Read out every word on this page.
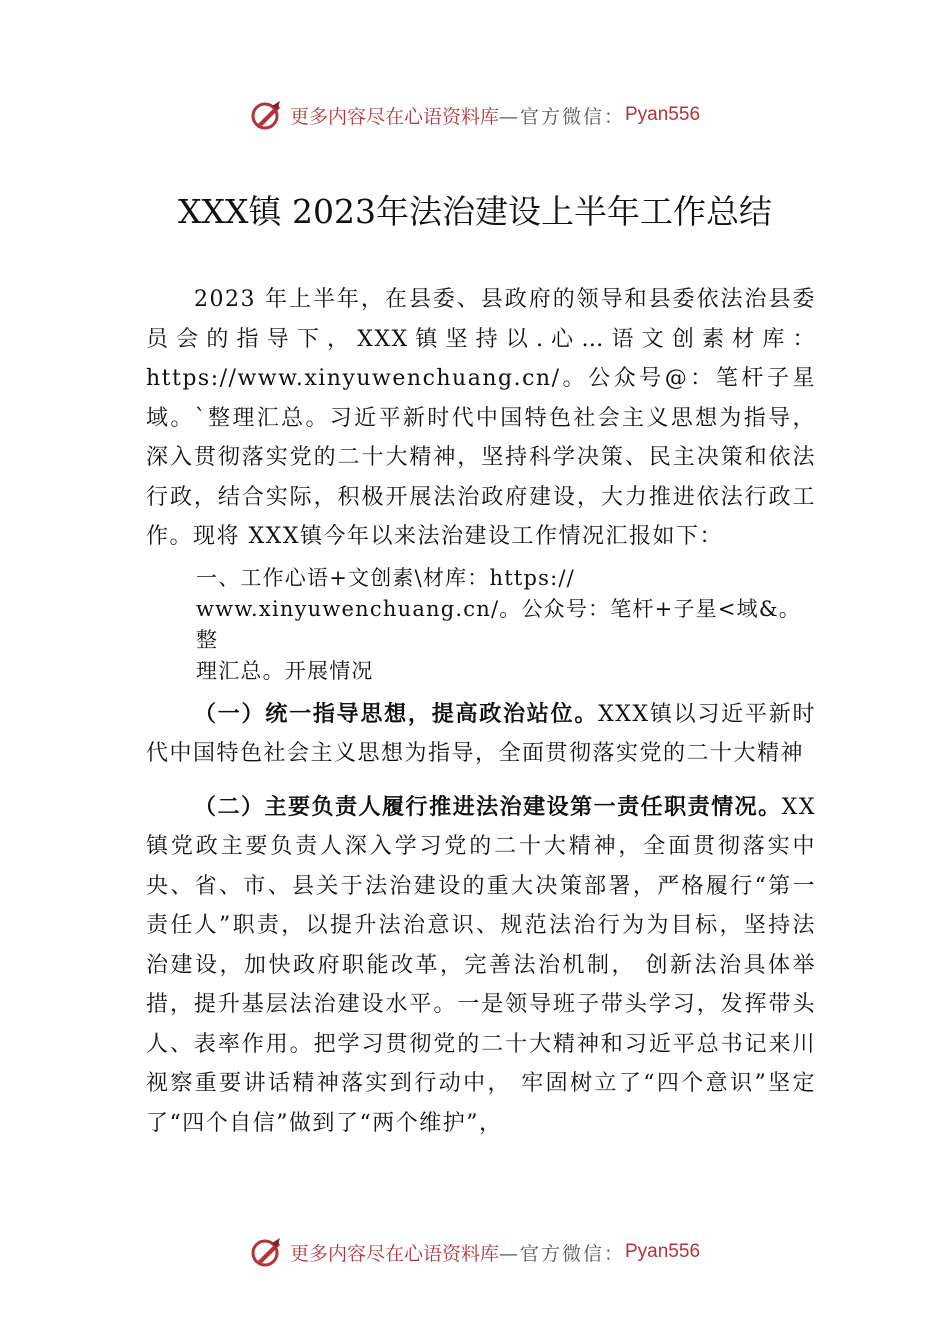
更多内容尽在心语资料库 —官方微信： Pyan556
XXX镇 2023年法治建设上半年工作总结

2023 年上半年，在县委、县政府的领导和县委依法治县委员会的指导下，XXX镇坚持以.心…语文创素材库：https://www.xinyuwenchuang.cn/。公众号@：笔杆子星域。`整理汇总。习近平新时代中国特色社会主义思想为指导，深入贯彻落实党的二十大精神，坚持科学决策、民主决策和依法行政，结合实际，积极开展法治政府建设，大力推进依法行政工作。现将 XXX镇今年以来法治建设工作情况汇报如下：

一、工作心语+文创素\材库：https://

www.xinyuwenchuang.cn/。公众号：笔杆+子星<域&。整

理汇总。开展情况

（一）统一指导思想，提高政治站位。XXX镇以习近平新时代中国特色社会主义思想为指导，全面贯彻落实党的二十大精神

（二）主要负责人履行推进法治建设第一责任职责情况。XX镇党政主要负责人深入学习党的二十大精神，全面贯彻落实中央、省、市、县关于法治建设的重大决策部署，严格履行“第一责任人”职责，以提升法治意识、规范法治行为为目标，坚持法治建设，加快政府职能改革，完善法治机制， 创新法治具体举措，提升基层法治建设水平。一是领导班子带头学习，发挥带头人、表率作用。把学习贯彻党的二十大精神和习近平总书记来川视察重要讲话精神落实到行动中， 牢固树立了“四个意识”坚定了“四个自信”做到了“两个维护”，

更多内容尽在心语资料库 —官方微信： Pyan556
